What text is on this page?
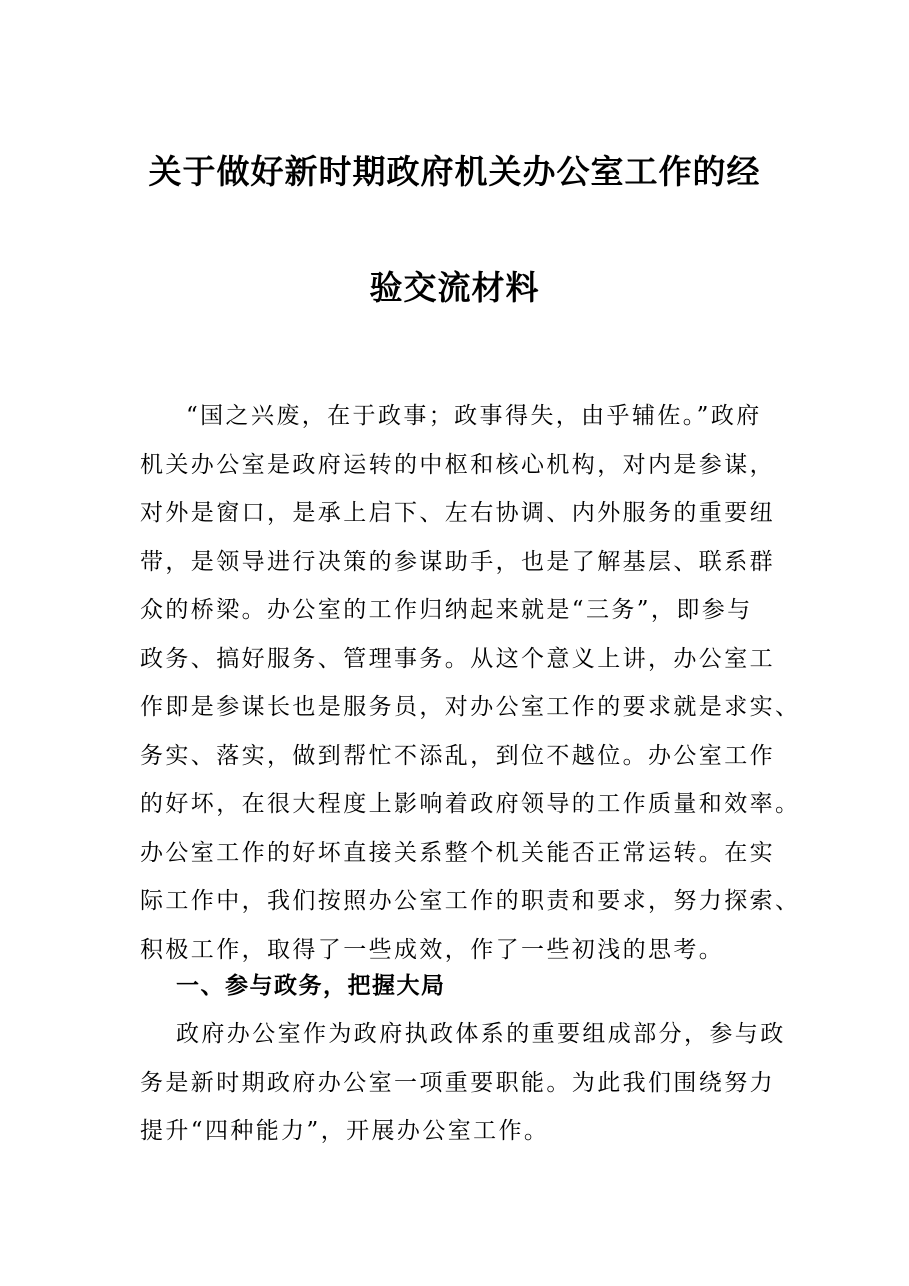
关于做好新时期政府机关办公室工作的经
验交流材料
“国之兴废，在于政事；政事得失，由乎辅佐。”政府
机关办公室是政府运转的中枢和核心机构，对内是参谋，
对外是窗口，是承上启下、左右协调、内外服务的重要纽
带，是领导进行决策的参谋助手，也是了解基层、联系群
众的桥梁。办公室的工作归纳起来就是“三务”，即参与
政务、搞好服务、管理事务。从这个意义上讲，办公室工
作即是参谋长也是服务员，对办公室工作的要求就是求实、
务实、落实，做到帮忙不添乱，到位不越位。办公室工作
的好坏，在很大程度上影响着政府领导的工作质量和效率。
办公室工作的好坏直接关系整个机关能否正常运转。在实
际工作中，我们按照办公室工作的职责和要求，努力探索、
积极工作，取得了一些成效，作了一些初浅的思考。
一、参与政务，把握大局
政府办公室作为政府执政体系的重要组成部分，参与政
务是新时期政府办公室一项重要职能。为此我们围绕努力
提升“四种能力”，开展办公室工作。
